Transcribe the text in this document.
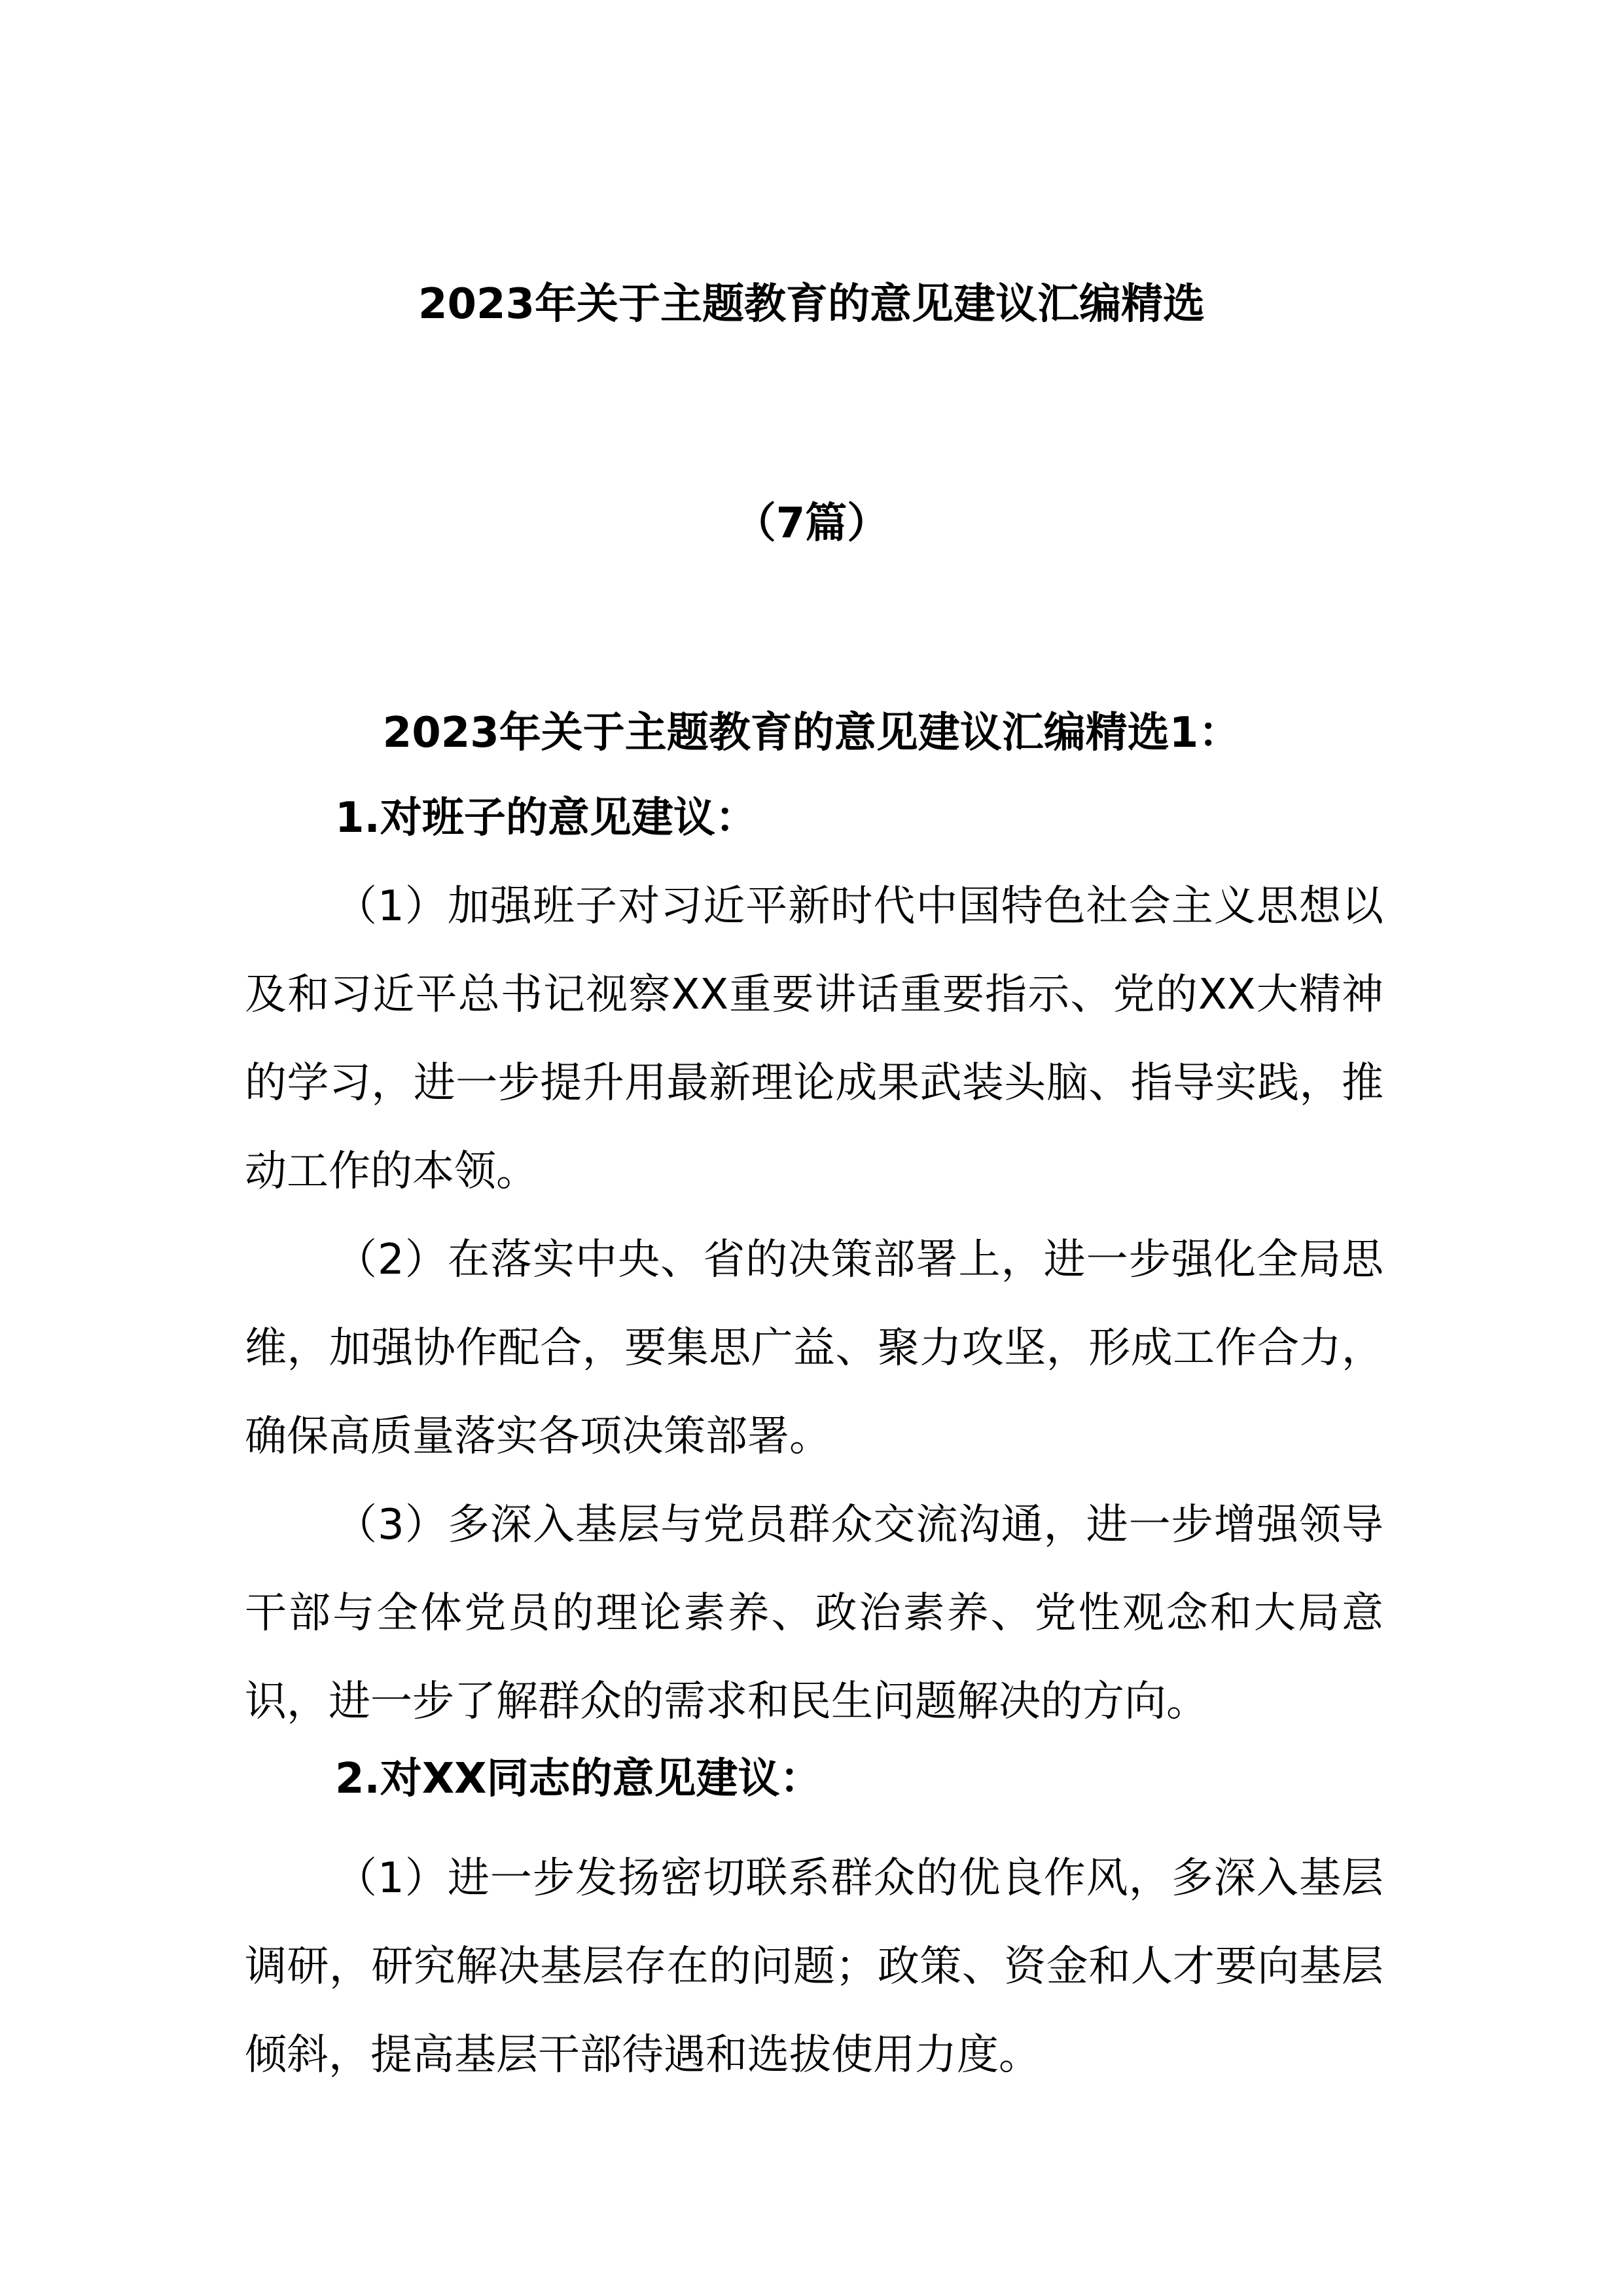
2023年关于主题教育的意见建议汇编精选
（7篇）
2023年关于主题教育的意见建议汇编精选1：
1.对班子的意见建议：

（1）加强班子对习近平新时代中国特色社会主义思想以及和习近平总书记视察XX重要讲话重要指示、党的XX大精神的学习，进一步提升用最新理论成果武装头脑、指导实践，推动工作的本领。

（2）在落实中央、省的决策部署上，进一步强化全局思维，加强协作配合，要集思广益、聚力攻坚，形成工作合力，确保高质量落实各项决策部署。

（3）多深入基层与党员群众交流沟通，进一步增强领导干部与全体党员的理论素养、政治素养、党性观念和大局意识，进一步了解群众的需求和民生问题解决的方向。

2.对XX同志的意见建议：

（1）进一步发扬密切联系群众的优良作风，多深入基层调研，研究解决基层存在的问题；政策、资金和人才要向基层倾斜，提高基层干部待遇和选拔使用力度。
